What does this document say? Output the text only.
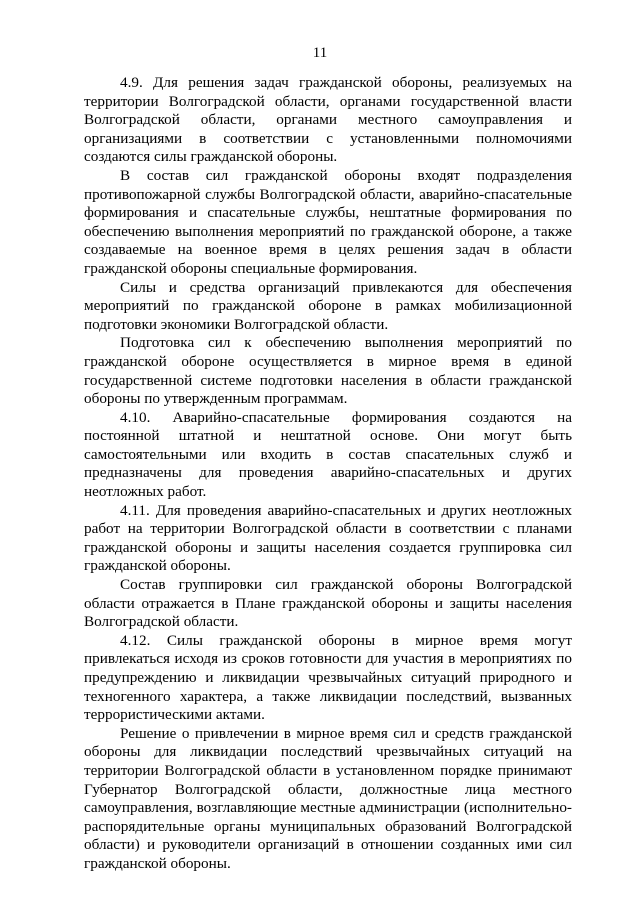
11

4.9. Для решения задач гражданской обороны, реализуемых на территории Волгоградской области, органами государственной власти Волгоградской области, органами местного самоуправления и организациями в соответствии с установленными полномочиями создаются силы гражданской обороны.

В состав сил гражданской обороны входят подразделения противопожарной службы Волгоградской области, аварийно-спасательные формирования и спасательные службы, нештатные формирования по обеспечению выполнения мероприятий по гражданской обороне, а также создаваемые на военное время в целях решения задач в области гражданской обороны специальные формирования.

Силы и средства организаций привлекаются для обеспечения мероприятий по гражданской обороне в рамках мобилизационной подготовки экономики Волгоградской области.

Подготовка сил к обеспечению выполнения мероприятий по гражданской обороне осуществляется в мирное время в единой государственной системе подготовки населения в области гражданской обороны по утвержденным программам.

4.10. Аварийно-спасательные формирования создаются на постоянной штатной и нештатной основе. Они могут быть самостоятельными или входить в состав спасательных служб и предназначены для проведения аварийно-спасательных и других неотложных работ.

4.11. Для проведения аварийно-спасательных и других неотложных работ на территории Волгоградской области в соответствии с планами гражданской обороны и защиты населения создается группировка сил гражданской обороны.

Состав группировки сил гражданской обороны Волгоградской области отражается в Плане гражданской обороны и защиты населения Волгоградской области.

4.12. Силы гражданской обороны в мирное время могут привлекаться исходя из сроков готовности для участия в мероприятиях по предупреждению и ликвидации чрезвычайных ситуаций природного и техногенного характера, а также ликвидации последствий, вызванных террористическими актами.

Решение о привлечении в мирное время сил и средств гражданской обороны для ликвидации последствий чрезвычайных ситуаций на территории Волгоградской области в установленном порядке принимают Губернатор Волгоградской области, должностные лица местного самоуправления, возглавляющие местные администрации (исполнительно-распорядительные органы муниципальных образований Волгоградской области) и руководители организаций в отношении созданных ими сил гражданской обороны.
